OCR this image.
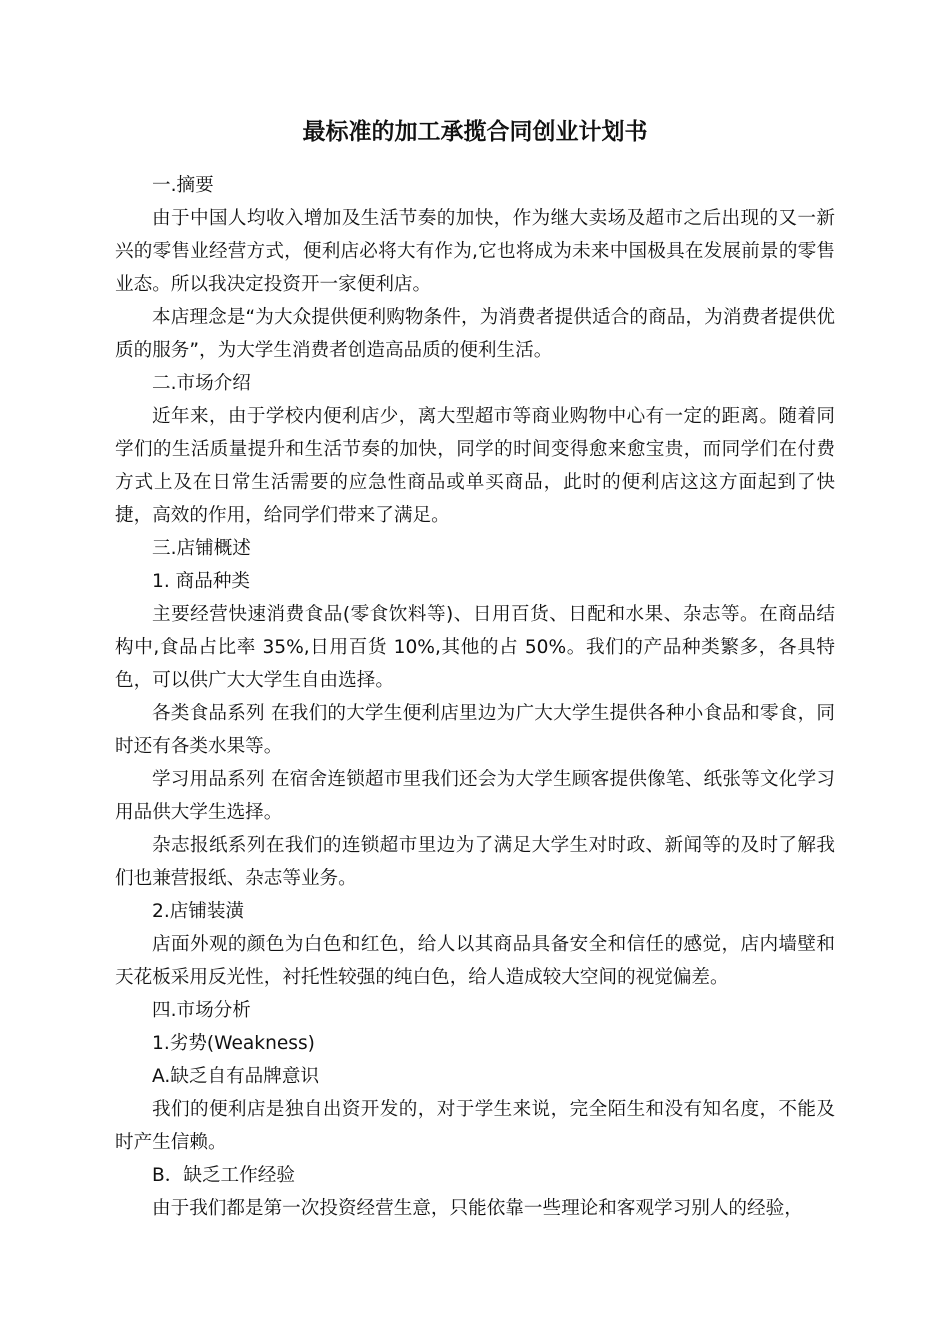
最标准的加工承揽合同创业计划书

一.摘要

由于中国人均收入增加及生活节奏的加快，作为继大卖场及超市之后出现的又一新兴的零售业经营方式，便利店必将大有作为,它也将成为未来中国极具在发展前景的零售业态。所以我决定投资开一家便利店。

本店理念是“为大众提供便利购物条件，为消费者提供适合的商品，为消费者提供优质的服务”，为大学生消费者创造高品质的便利生活。

二.市场介绍

近年来，由于学校内便利店少，离大型超市等商业购物中心有一定的距离。随着同学们的生活质量提升和生活节奏的加快，同学的时间变得愈来愈宝贵，而同学们在付费方式上及在日常生活需要的应急性商品或单买商品，此时的便利店这这方面起到了快捷，高效的作用，给同学们带来了满足。

三.店铺概述

1. 商品种类

主要经营快速消费食品(零食饮料等)、日用百货、日配和水果、杂志等。在商品结构中,食品占比率 35%,日用百货 10%,其他的占 50%。我们的产品种类繁多，各具特色，可以供广大大学生自由选择。

各类食品系列 在我们的大学生便利店里边为广大大学生提供各种小食品和零食，同时还有各类水果等。

学习用品系列 在宿舍连锁超市里我们还会为大学生顾客提供像笔、纸张等文化学习用品供大学生选择。

杂志报纸系列在我们的连锁超市里边为了满足大学生对时政、新闻等的及时了解我们也兼营报纸、杂志等业务。

2.店铺装潢

店面外观的颜色为白色和红色，给人以其商品具备安全和信任的感觉，店内墙壁和天花板采用反光性，衬托性较强的纯白色，给人造成较大空间的视觉偏差。

四.市场分析

1.劣势(Weakness)

A.缺乏自有品牌意识

我们的便利店是独自出资开发的，对于学生来说，完全陌生和没有知名度，不能及时产生信赖。

B．缺乏工作经验

由于我们都是第一次投资经营生意，只能依靠一些理论和客观学习别人的经验，
